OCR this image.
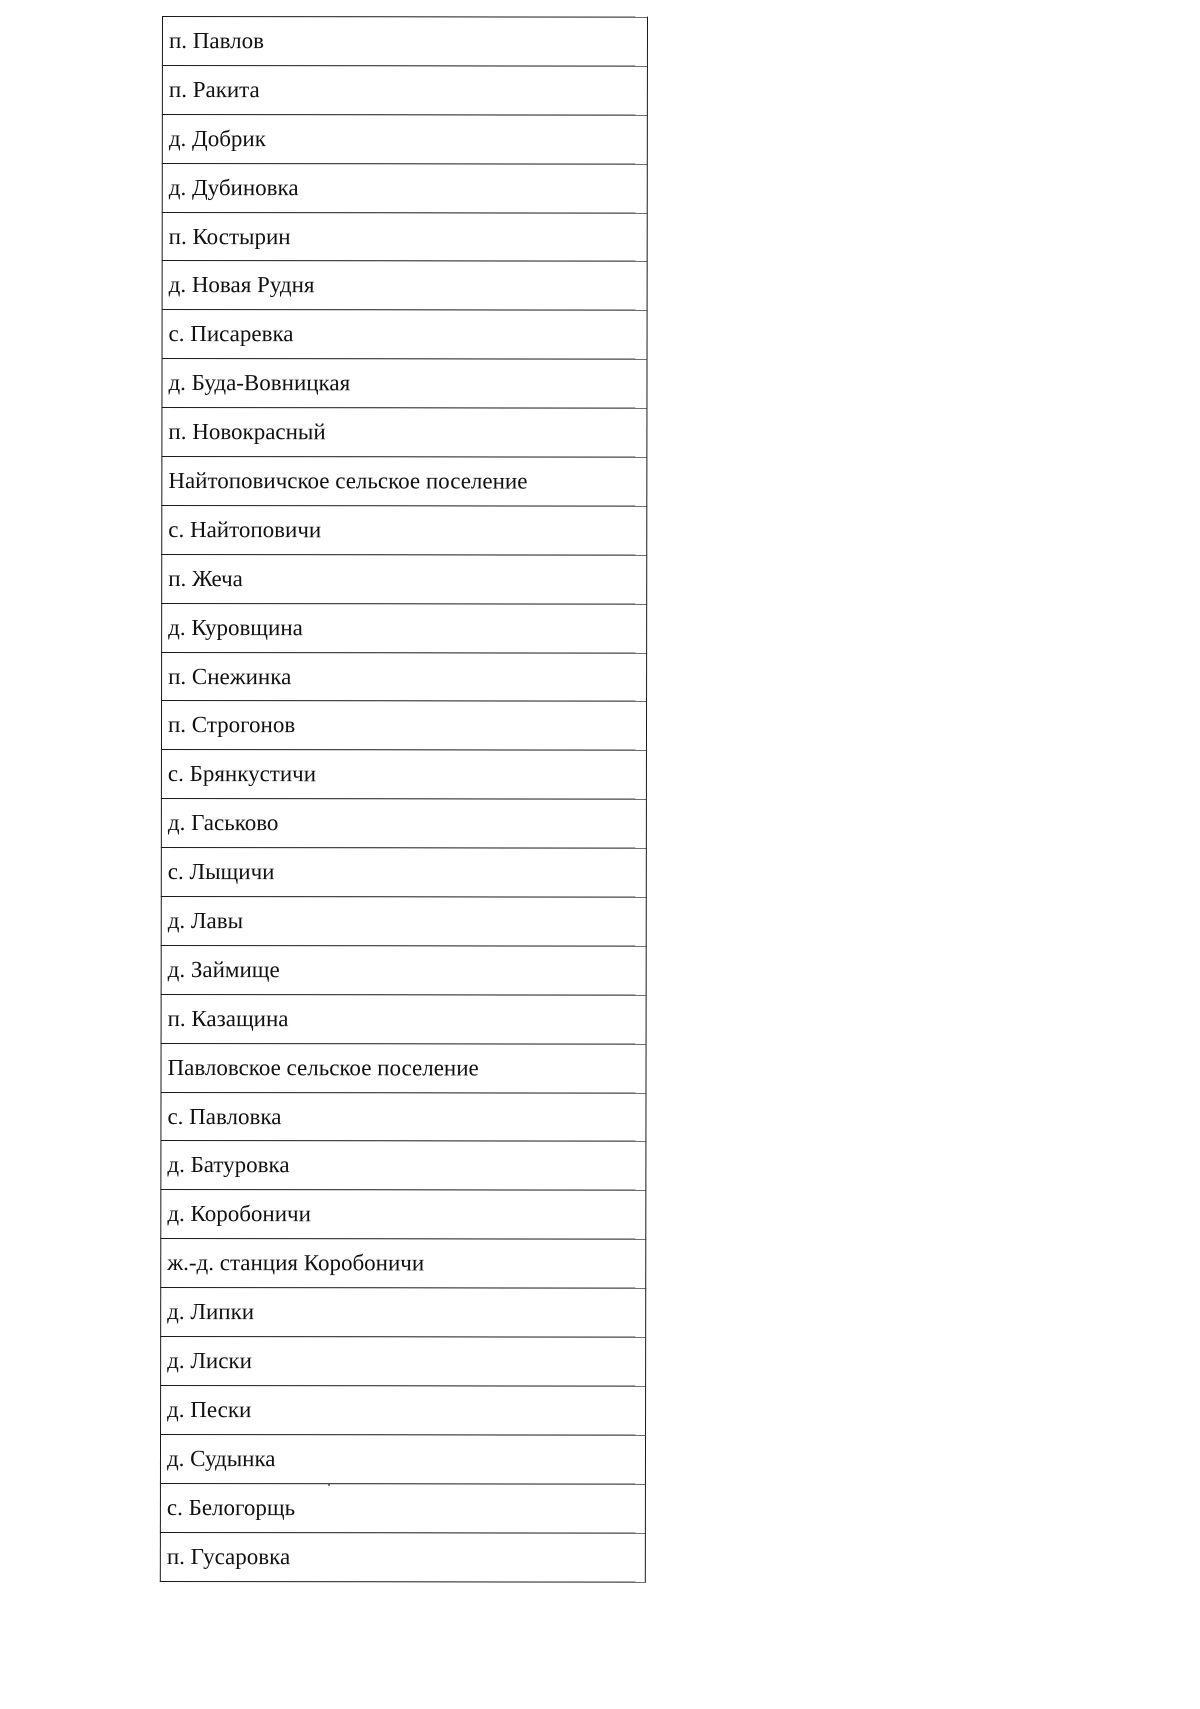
п. Павлов
п. Ракита
д. Добрик
д. Дубиновка
п. Костырин
д. Новая Рудня
с. Писаревка
д. Буда-Вовницкая
п. Новокрасный
Найтоповичское сельское поселение
с. Найтоповичи
п. Жеча
д. Куровщина
п. Снежинка
п. Строгонов
с. Брянкустичи
д. Гаськово
с. Лыщичи
д. Лавы
д. Займище
п. Казащина
Павловское сельское поселение
с. Павловка
д. Батуровка
д. Коробоничи
ж.-д. станция Коробоничи
д. Липки
д. Лиски
д. Пески
д. Судынка
с. Белогорщь
п. Гусаровка
